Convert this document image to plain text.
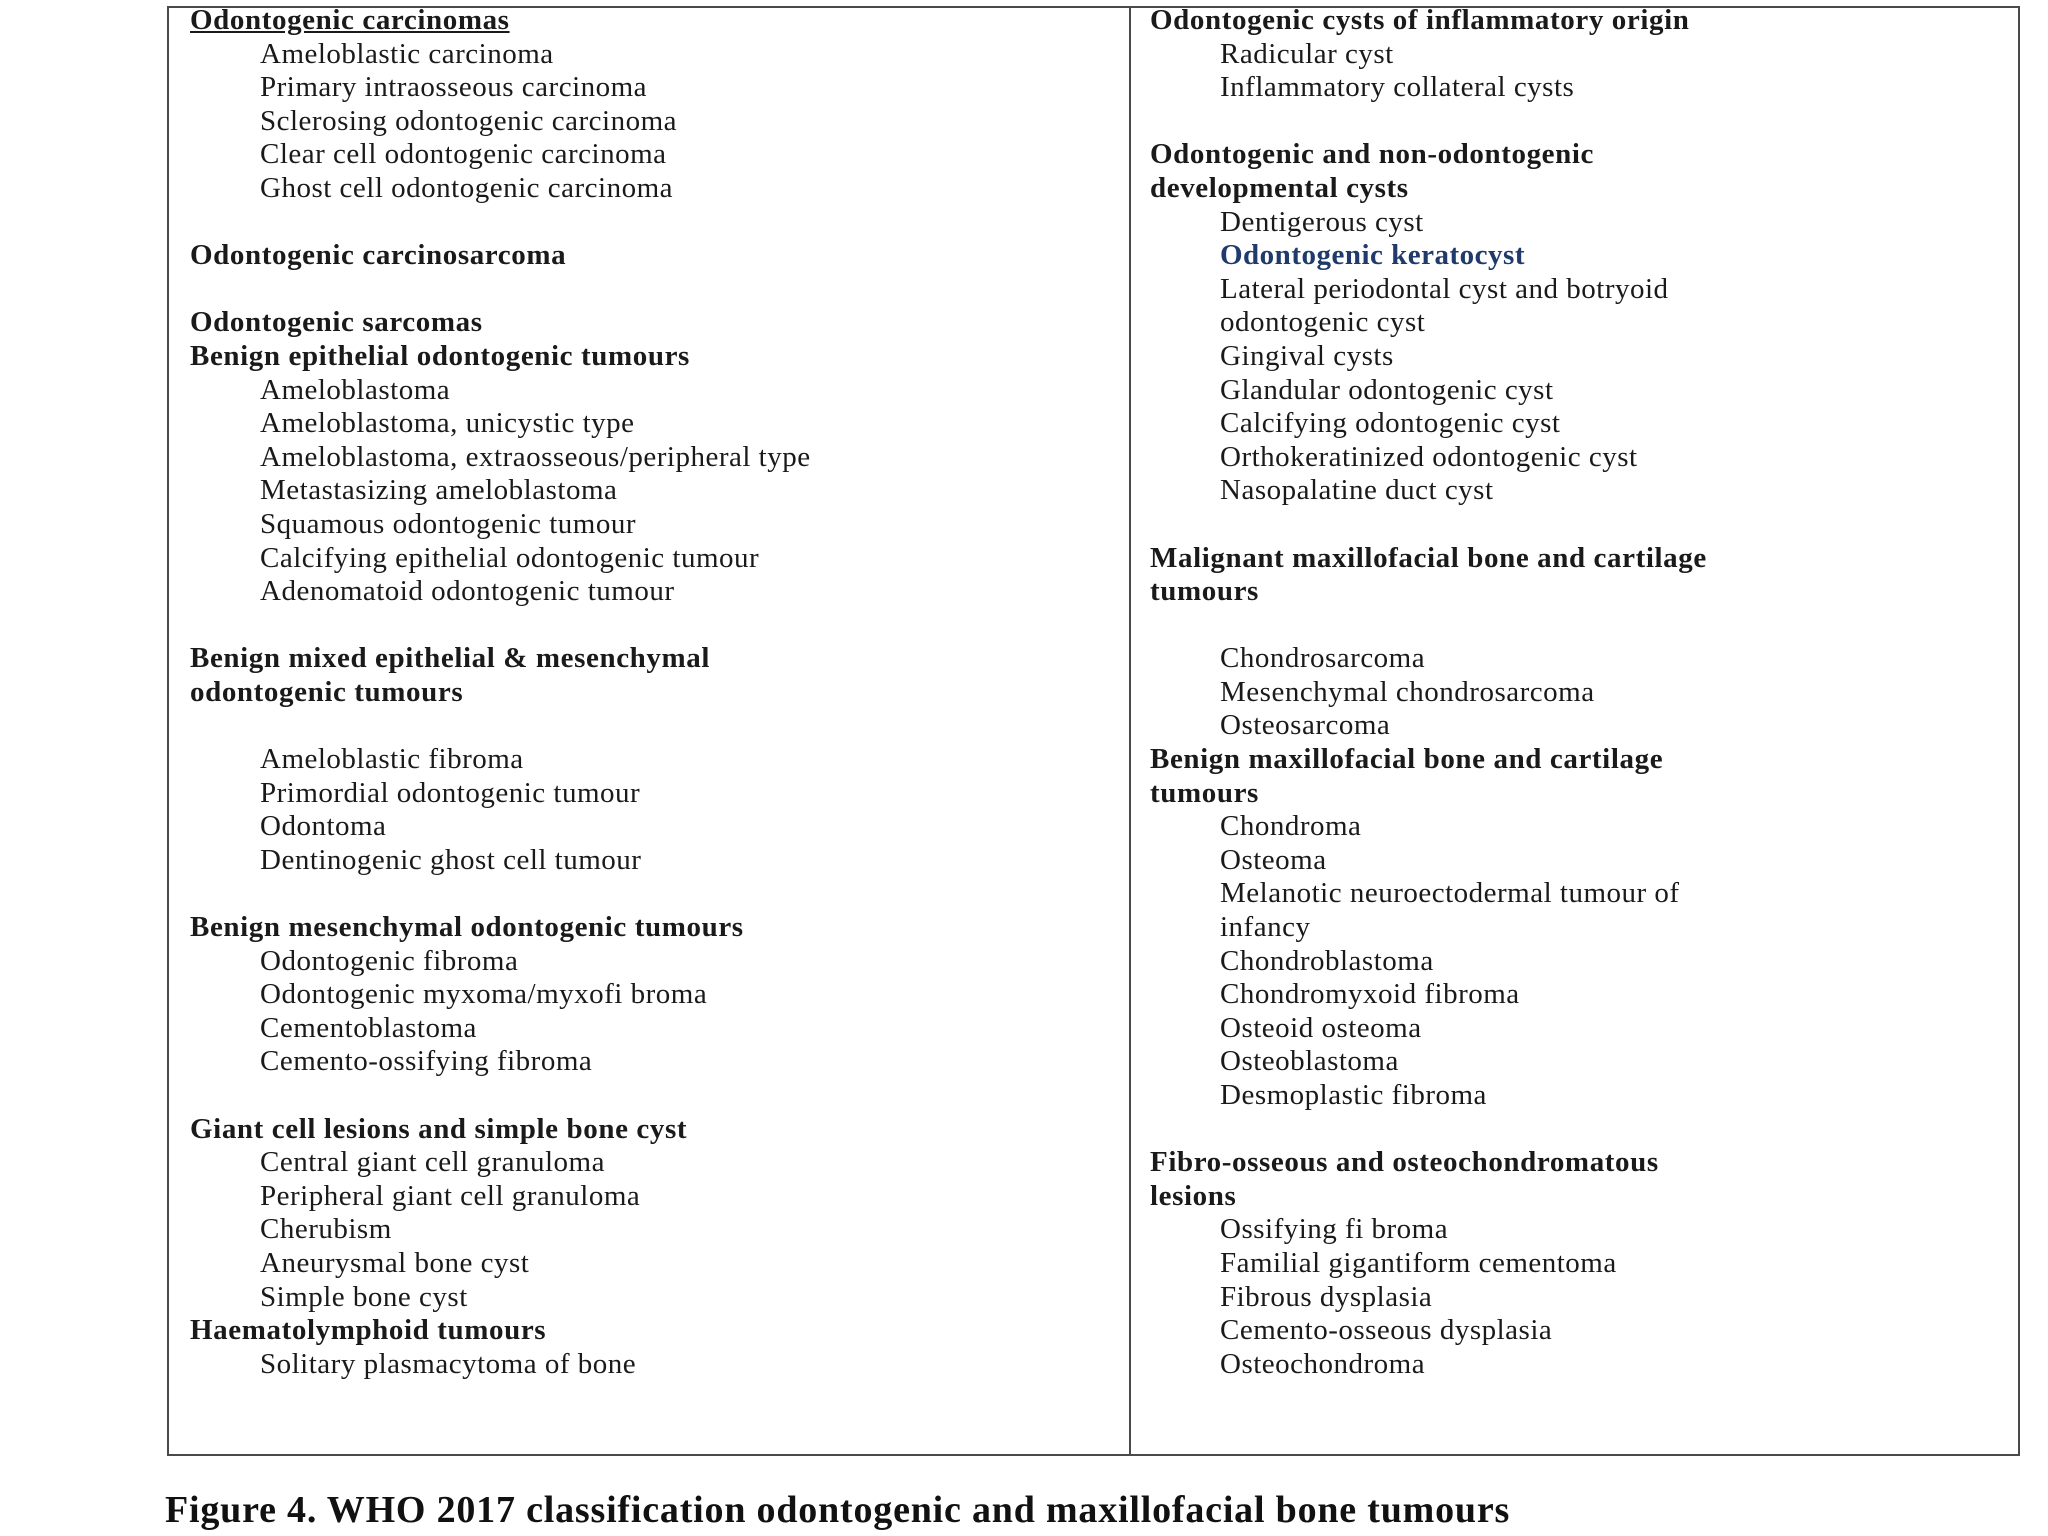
Odontogenic carcinomas
Ameloblastic carcinoma
Primary intraosseous carcinoma
Sclerosing odontogenic carcinoma
Clear cell odontogenic carcinoma
Ghost cell odontogenic carcinoma
Odontogenic carcinosarcoma
Odontogenic sarcomas
Benign epithelial odontogenic tumours
Ameloblastoma
Ameloblastoma, unicystic type
Ameloblastoma, extraosseous/peripheral type
Metastasizing ameloblastoma
Squamous odontogenic tumour
Calcifying epithelial odontogenic tumour
Adenomatoid odontogenic tumour
Benign mixed epithelial & mesenchymal
odontogenic tumours
Ameloblastic fibroma
Primordial odontogenic tumour
Odontoma
Dentinogenic ghost cell tumour
Benign mesenchymal odontogenic tumours
Odontogenic fibroma
Odontogenic myxoma/myxofi broma
Cementoblastoma
Cemento-ossifying fibroma
Giant cell lesions and simple bone cyst
Central giant cell granuloma
Peripheral giant cell granuloma
Cherubism
Aneurysmal bone cyst
Simple bone cyst
Haematolymphoid tumours
Solitary plasmacytoma of bone
Odontogenic cysts of inflammatory origin
Radicular cyst
Inflammatory collateral cysts
Odontogenic and non-odontogenic
developmental cysts
Dentigerous cyst
Odontogenic keratocyst
Lateral periodontal cyst and botryoid
odontogenic cyst
Gingival cysts
Glandular odontogenic cyst
Calcifying odontogenic cyst
Orthokeratinized odontogenic cyst
Nasopalatine duct cyst
Malignant maxillofacial bone and cartilage
tumours
Chondrosarcoma
Mesenchymal chondrosarcoma
Osteosarcoma
Benign maxillofacial bone and cartilage
tumours
Chondroma
Osteoma
Melanotic neuroectodermal tumour of
infancy
Chondroblastoma
Chondromyxoid fibroma
Osteoid osteoma
Osteoblastoma
Desmoplastic fibroma
Fibro-osseous and osteochondromatous
lesions
Ossifying fi broma
Familial gigantiform cementoma
Fibrous dysplasia
Cemento-osseous dysplasia
Osteochondroma
Figure 4. WHO 2017 classification odontogenic and maxillofacial bone tumours
